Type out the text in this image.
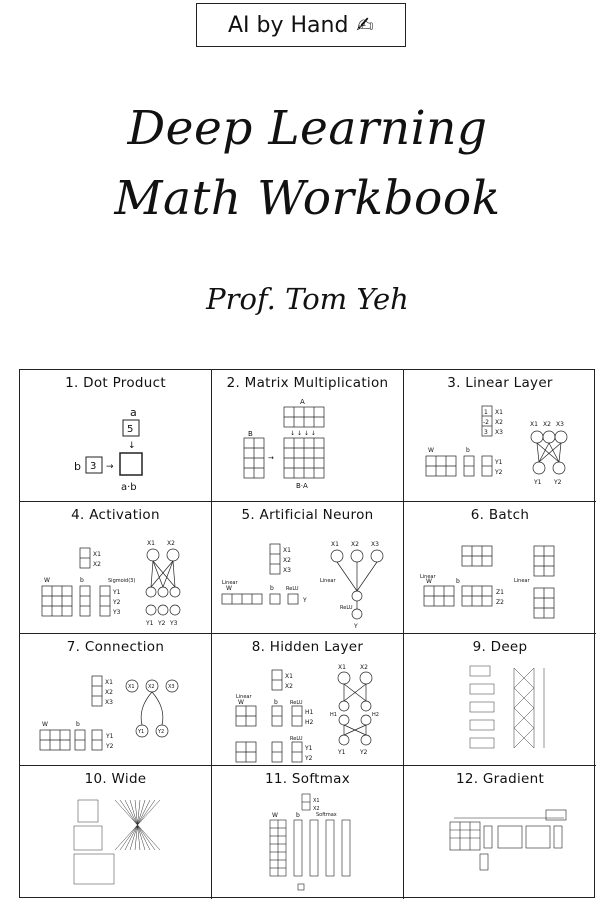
AI by Hand ✍
Deep Learning
Math Workbook
Prof. Tom Yeh
1. Dot Product
a
5
↓
b 3 →
a·b
2. Matrix Multiplication
A
B
B·A
→
↓ ↓ ↓ ↓
3. Linear Layer
1
-2
3
X1
X2
X3
W	b
Y1
Y2
X1 X2 X3
Y1 Y2
4. Activation
X1
X2
W	b	Sigmoid(3)
Y1
Y2
Y3
X1 X2
Y1 Y2 Y3
5. Artificial Neuron
X1
X2
X3
Linear
W	b ReLU
Y
X1 X2 X3
Linear
ReLU
Y
6. Batch
Linear
W	b
Z1
Z2
Linear
7. Connection
X1
X2
X3
W	b
Y1
Y2
X1	X2	X3
Y1	Y2
8. Hidden Layer
X1
X2
Linear
W	b ReLU
H1
H2
ReLU
Y1
Y2
X1 X2
H1	H2
Y1 Y2
9. Deep
10. Wide	11. Softmax
X1
X2
W	b	Softmax
12. Gradient
